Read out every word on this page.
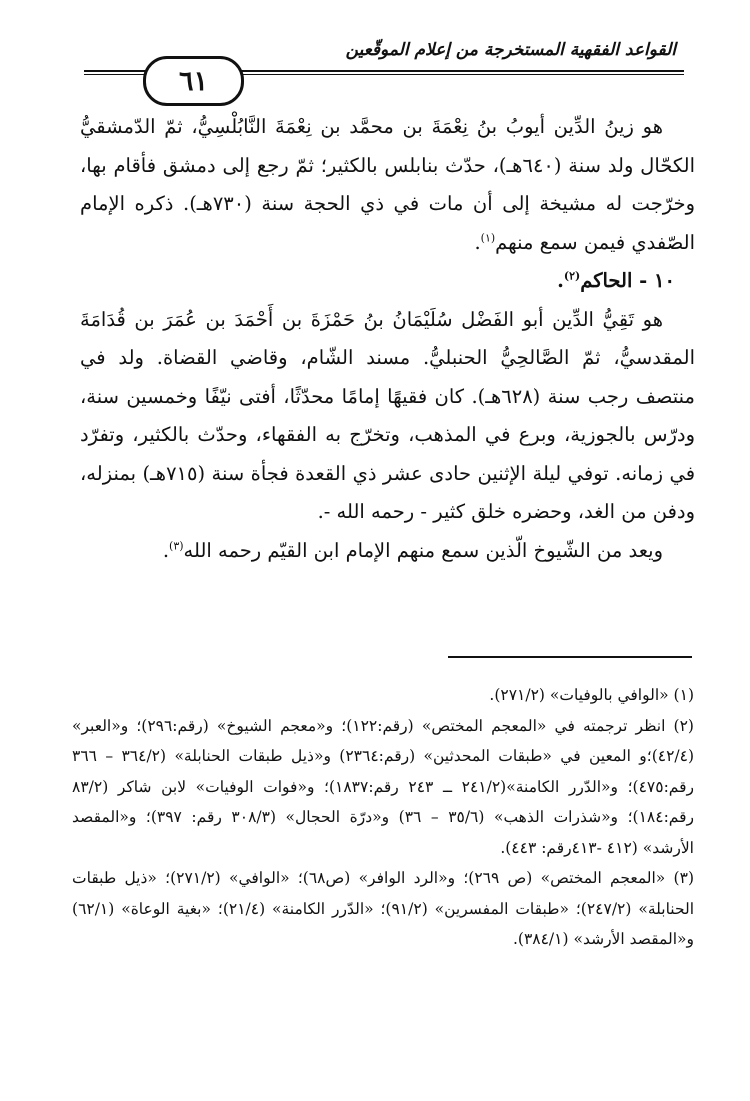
القواعد الفقهية المستخرجة من إعلام الموقّعين
٦١

هو زينُ الدِّين أيوبُ بنُ نِعْمَةَ بن محمَّد بن نِعْمَةَ النَّابُلْسِيُّ، ثمّ الدّمشقيُّ الكحّال ولد سنة (٦٤٠هـ)، حدّث بنابلس بالكثير؛ ثمّ رجع إلى دمشق فأقام بها، وخرّجت له مشيخة إلى أن مات في ذي الحجة سنة (٧٣٠هـ). ذكره الإمام الصّفدي فيمن سمع منهم$^{(١)}$.

١٠ - الحاكم$^{(٢)}$.

هو تَقِيُّ الدِّين أبو الفَضْل سُلَيْمَانُ بنُ حَمْزَةَ بن أَحْمَدَ بن عُمَرَ بن قُدَامَةَ المقدسيُّ، ثمّ الصَّالحِيُّ الحنبليُّ. مسند الشّام، وقاضي القضاة. ولد في منتصف رجب سنة (٦٢٨هـ). كان فقيهًا إمامًا محدّثًا، أفتى نيّفًا وخمسين سنة، ودرّس بالجوزية، وبرع في المذهب، وتخرّج به الفقهاء، وحدّث بالكثير، وتفرّد في زمانه. توفي ليلة الإثنين حادى عشر ذي القعدة فجأة سنة (٧١٥هـ) بمنزله، ودفن من الغد، وحضره خلق كثير - رحمه الله -.

ويعد من الشّيوخ الّذين سمع منهم الإمام ابن القيّم رحمه الله$^{(٣)}$.

(١) «الوافي بالوفيات» (٢٧١/٢).

(٢) انظر ترجمته في «المعجم المختص» (رقم:١٢٢)؛ و«معجم الشيوخ» (رقم:٢٩٦)؛ و«العبر» (٤٢/٤)؛و المعين في «طبقات المحدثين» (رقم:٢٣٦٤) و«ذيل طبقات الحنابلة» (٣٦٤/٢ – ٣٦٦ رقم:٤٧٥)؛ و«الدّرر الكامنة»(٢٤١/٢ ــ ٢٤٣ رقم:١٨٣٧)؛ و«فوات الوفيات» لابن شاكر (٨٣/٢ رقم:١٨٤)؛ و«شذرات الذهب» (٣٥/٦ – ٣٦) و«درّة الحجال» (٣٠٨/٣ رقم: ٣٩٧)؛ و«المقصد الأرشد» (٤١٢ -٤١٣رقم: ٤٤٣).

(٣) «المعجم المختص» (ص ٢٦٩)؛ و«الرد الوافر» (ص٦٨)؛ «الوافي» (٢٧١/٢)؛ «ذيل طبقات الحنابلة» (٢٤٧/٢)؛ «طبقات المفسرين» (٩١/٢)؛ «الدّرر الكامنة» (٢١/٤)؛ «بغية الوعاة» (٦٢/١) و«المقصد الأرشد» (٣٨٤/١).
